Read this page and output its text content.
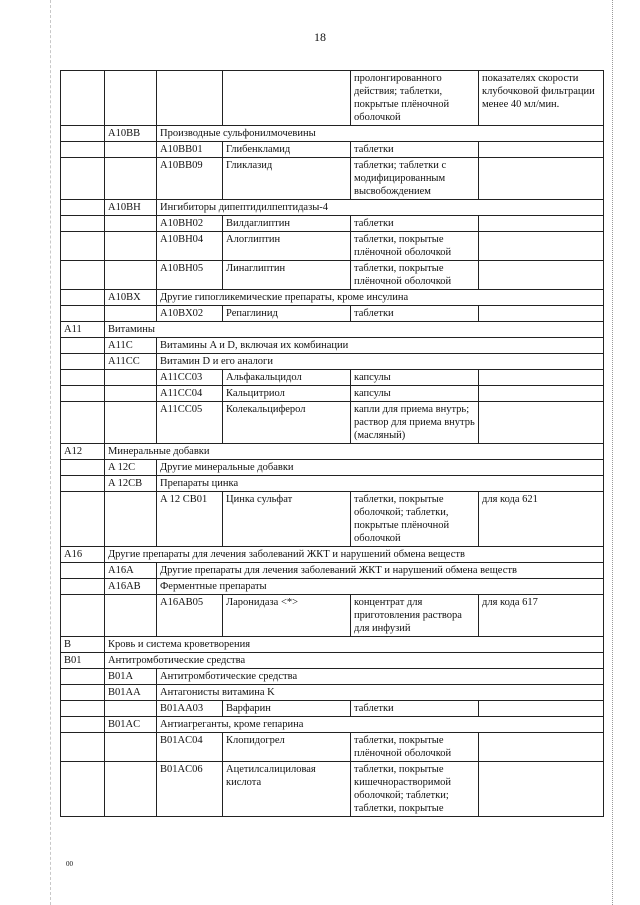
18
				пролонгированного действия; таблетки, покрытые плёночной оболочкой	показателях скорости клубочковой фильтрации менее 40 мл/мин.
	A10BB	Производные сульфонилмочевины			
		A10BB01	Глибенкламид	таблетки	
		A10BB09	Гликлазид	таблетки; таблетки с модифицированным высвобождением	
	A10BH	Ингибиторы дипептидилпептидазы-4			
		A10BH02	Вилдаглиптин	таблетки	
		A10BH04	Алоглиптин	таблетки, покрытые плёночной оболочкой	
		A10BH05	Линаглиптин	таблетки, покрытые плёночной оболочкой	
	A10BX	Другие гипогликемические препараты, кроме инсулина			
		A10BX02	Репаглинид	таблетки	
A11	Витамины				
	A11C	Витамины A и D, включая их комбинации			
	A11CC	Витамин D и его аналоги			
		A11CC03	Альфакальцидол	капсулы	
		A11CC04	Кальцитриол	капсулы	
		A11CC05	Колекальциферол	капли для приема внутрь; раствор для приема внутрь (масляный)	
A12	Минеральные добавки				
	A 12C	Другие минеральные добавки			
	A 12CB	Препараты цинка			
		A 12 CB01	Цинка сульфат	таблетки, покрытые оболочкой; таблетки, покрытые плёночной оболочкой	для кода 621
A16	Другие препараты для лечения заболеваний ЖКТ и нарушений обмена веществ				
	A16A	Другие препараты для лечения заболеваний ЖКТ и нарушений обмена веществ			
	A16AB	Ферментные препараты			
		A16AB05	Ларонидаза <*>	концентрат для приготовления раствора для инфузий	для кода 617
B	Кровь и система кроветворения				
B01	Антитромботические средства				
	B01A	Антитромботические средства			
	B01AA	Антагонисты витамина K			
		B01AA03	Варфарин	таблетки	
	B01AC	Антиагреганты, кроме гепарина			
		B01AC04	Клопидогрел	таблетки, покрытые плёночной оболочкой	
		B01AC06	Ацетилсалициловая кислота	таблетки, покрытые кишечнорастворимой оболочкой; таблетки; таблетки, покрытые	
00
